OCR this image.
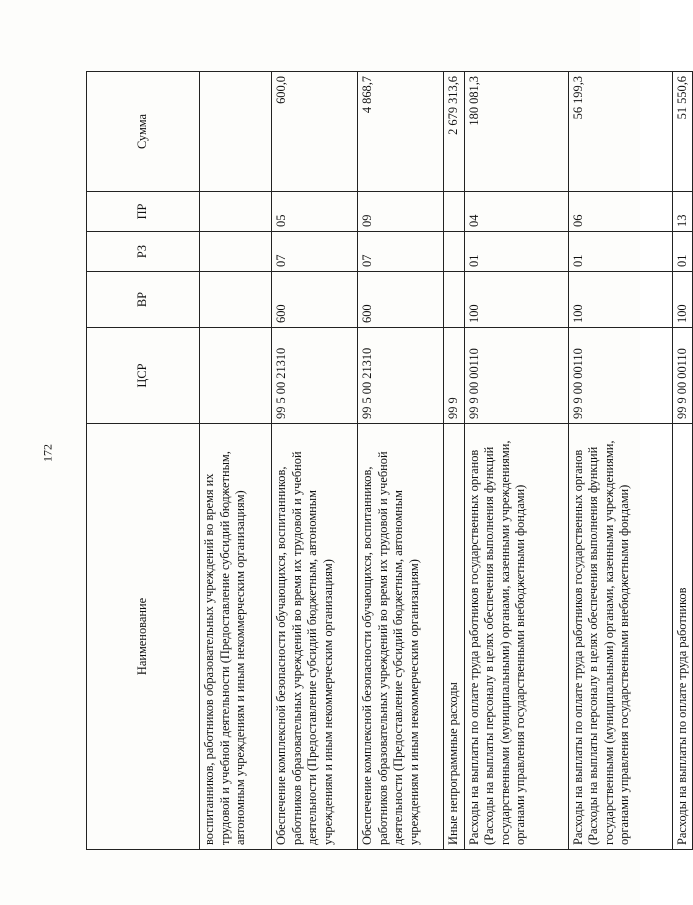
172
Наименование	ЦСР	ВР	РЗ	ПР	Сумма
воспитанников, работников образовательных учреждений во время их трудовой и учебной деятельности (Предоставление субсидий бюджетным, автономным учреждениям и иным некоммерческим организациям)					
Обеспечение комплексной безопасности обучающихся, воспитанников, работников образовательных учреждений во время их трудовой и учебной деятельности (Предоставление субсидий бюджетным, автономным учреждениям и иным некоммерческим организациям)	99 5 00 21310	600	07	05	600,0
Обеспечение комплексной безопасности обучающихся, воспитанников, работников образовательных учреждений во время их трудовой и учебной деятельности (Предоставление субсидий бюджетным, автономным учреждениям и иным некоммерческим организациям)	99 5 00 21310	600	07	09	4 868,7
Иные непрограммные расходы	99 9				2 679 313,6
Расходы на выплаты по оплате труда работников государственных органов (Расходы на выплаты персоналу в целях обеспечения выполнения функций государственными (муниципальными) органами, казенными учреждениями, органами управления государственными внебюджетными фондами)	99 9 00 00110	100	01	04	180 081,3
Расходы на выплаты по оплате труда работников государственных органов (Расходы на выплаты персоналу в целях обеспечения выполнения функций государственными (муниципальными) органами, казенными учреждениями, органами управления государственными внебюджетными фондами)	99 9 00 00110	100	01	06	56 199,3
Расходы на выплаты по оплате труда работников	99 9 00 00110	100	01	13	51 550,6
